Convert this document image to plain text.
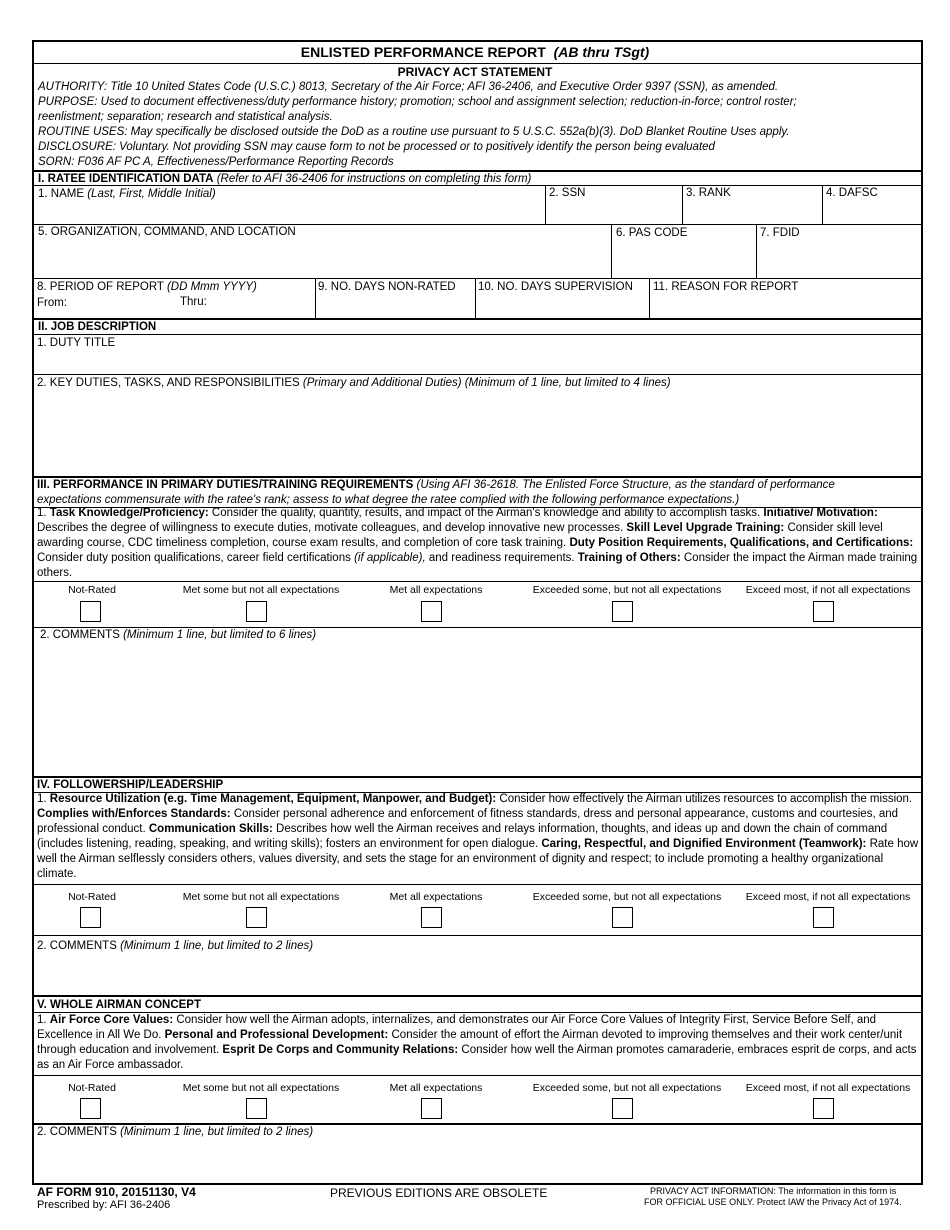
ENLISTED PERFORMANCE REPORT (AB thru TSgt)
PRIVACY ACT STATEMENT
AUTHORITY: Title 10 United States Code (U.S.C.) 8013, Secretary of the Air Force; AFI 36-2406, and Executive Order 9397 (SSN), as amended.
PURPOSE: Used to document effectiveness/duty performance history; promotion; school and assignment selection; reduction-in-force; control roster;
reenlistment; separation; research and statistical analysis.
ROUTINE USES: May specifically be disclosed outside the DoD as a routine use pursuant to 5 U.S.C. 552a(b)(3). DoD Blanket Routine Uses apply.
DISCLOSURE: Voluntary. Not providing SSN may cause form to not be processed or to positively identify the person being evaluated
SORN: F036 AF PC A, Effectiveness/Performance Reporting Records
I. RATEE IDENTIFICATION DATA (Refer to AFI 36-2406 for instructions on completing this form)
1. NAME (Last, First, Middle Initial)	2. SSN	3. RANK	4. DAFSC
5. ORGANIZATION, COMMAND, AND LOCATION	6. PAS CODE	7. FDID
8. PERIOD OF REPORT (DD Mmm YYYY)
From:	Thru:
9. NO. DAYS NON-RATED 10. NO. DAYS SUPERVISION 11. REASON FOR REPORT
II. JOB DESCRIPTION
1. DUTY TITLE
2. KEY DUTIES, TASKS, AND RESPONSIBILITIES (Primary and Additional Duties) (Minimum of 1 line, but limited to 4 lines)
III. PERFORMANCE IN PRIMARY DUTIES/TRAINING REQUIREMENTS (Using AFI 36-2618. The Enlisted Force Structure, as the standard of performance
expectations commensurate with the ratee's rank; assess to what degree the ratee complied with the following performance expectations.)
1. Task Knowledge/Proficiency: Consider the quality, quantity, results, and impact of the Airman's knowledge and ability to accomplish tasks. Initiative/ Motivation: Describes the degree of willingness to execute duties, motivate colleagues, and develop innovative new processes. Skill Level Upgrade Training: Consider skill level awarding course, CDC timeliness completion, course exam results, and completion of core task training. Duty Position Requirements, Qualifications, and Certifications: Consider duty position qualifications, career field certifications (if applicable), and readiness requirements. Training of Others: Consider the impact the Airman made training others.
Not-Rated	Met some but not all expectations	Met all expectations	Exceeded some, but not all expectations	Exceed most, if not all expectations
2. COMMENTS (Minimum 1 line, but limited to 6 lines)
IV. FOLLOWERSHIP/LEADERSHIP
1. Resource Utilization (e.g. Time Management, Equipment, Manpower, and Budget): Consider how effectively the Airman utilizes resources to accomplish the mission. Complies with/Enforces Standards: Consider personal adherence and enforcement of fitness standards, dress and personal appearance, customs and courtesies, and professional conduct. Communication Skills: Describes how well the Airman receives and relays information, thoughts, and ideas up and down the chain of command (includes listening, reading, speaking, and writing skills); fosters an environment for open dialogue. Caring, Respectful, and Dignified Environment (Teamwork): Rate how well the Airman selflessly considers others, values diversity, and sets the stage for an environment of dignity and respect; to include promoting a healthy organizational climate.
Not-Rated	Met some but not all expectations	Met all expectations	Exceeded some, but not all expectations	Exceed most, if not all expectations
2. COMMENTS (Minimum 1 line, but limited to 2 lines)
V. WHOLE AIRMAN CONCEPT
1. Air Force Core Values: Consider how well the Airman adopts, internalizes, and demonstrates our Air Force Core Values of Integrity First, Service Before Self, and Excellence in All We Do. Personal and Professional Development: Consider the amount of effort the Airman devoted to improving themselves and their work center/unit through education and involvement. Esprit De Corps and Community Relations: Consider how well the Airman promotes camaraderie, embraces esprit de corps, and acts as an Air Force ambassador.
Not-Rated	Met some but not all expectations	Met all expectations	Exceeded some, but not all expectations	Exceed most, if not all expectations
2. COMMENTS (Minimum 1 line, but limited to 2 lines)
AF FORM 910, 20151130, V4
Prescribed by: AFI 36-2406
PREVIOUS EDITIONS ARE OBSOLETE	PRIVACY ACT INFORMATION: The information in this form is
FOR OFFICIAL USE ONLY. Protect IAW the Privacy Act of 1974.
